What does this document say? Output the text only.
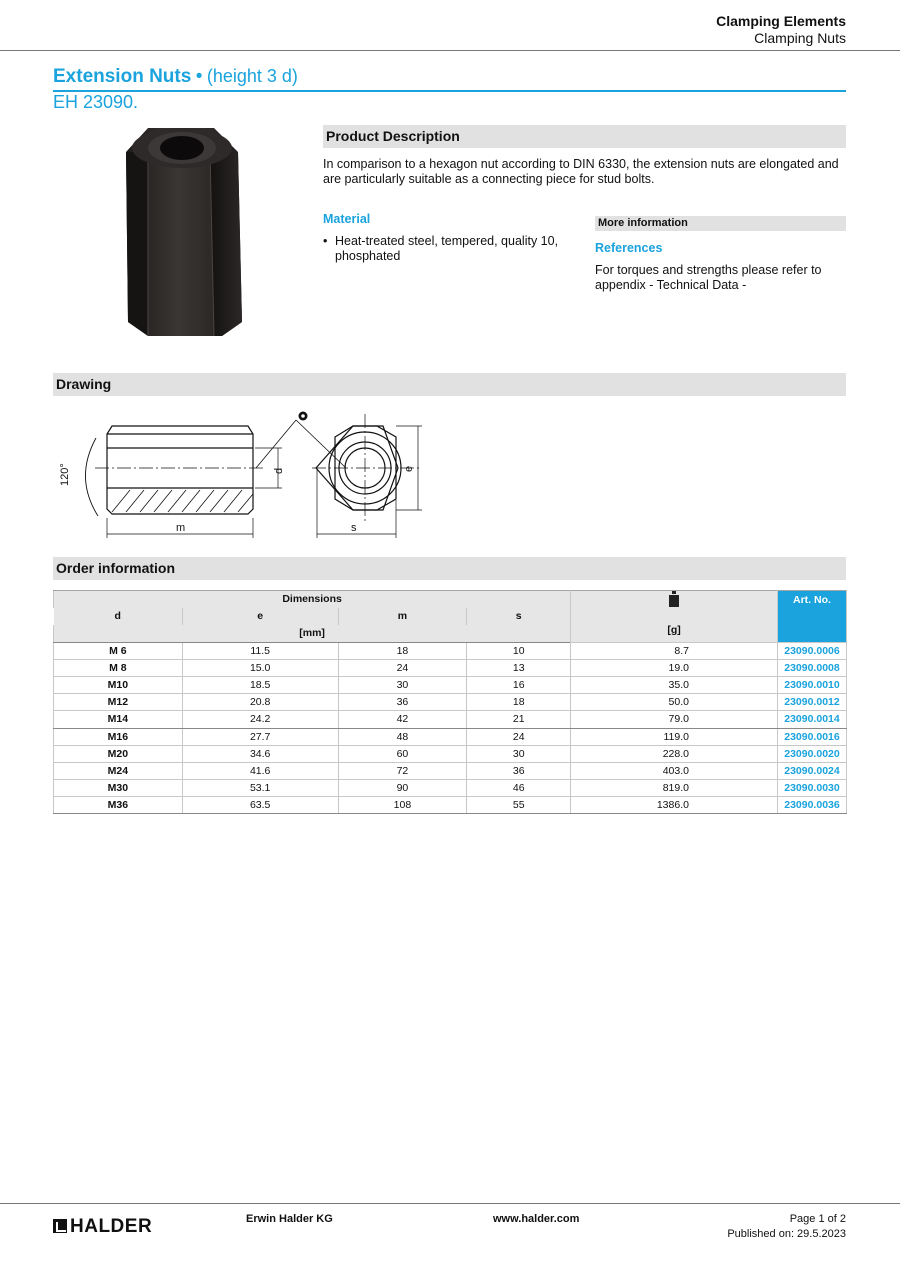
Clamping Elements
Clamping Nuts
Extension Nuts • (height 3 d)
EH 23090.
Product Description
In comparison to a hexagon nut according to DIN 6330, the extension nuts are elongated and are particularly suitable as a connecting piece for stud bolts.
Material
• Heat-treated steel, tempered, quality 10, phosphated
More information
References
For torques and strengths please refer to appendix - Technical Data -
Drawing
120°
m
d	e
s
Order information
Dimensions				[g]	Art. No.
d	e	m	s		
[mm]					
M 6	11.5	18	10	8.7	23090.0006
M 8	15.0	24	13	19.0	23090.0008
M10	18.5	30	16	35.0	23090.0010
M12	20.8	36	18	50.0	23090.0012
M14	24.2	42	21	79.0	23090.0014
M16	27.7	48	24	119.0	23090.0016
M20	34.6	60	30	228.0	23090.0020
M24	41.6	72	36	403.0	23090.0024
M30	53.1	90	46	819.0	23090.0030
M36	63.5	108	55	1386.0	23090.0036
HALDER	Erwin Halder KG	www.halder.com	Page 1 of 2
Published on: 29.5.2023
